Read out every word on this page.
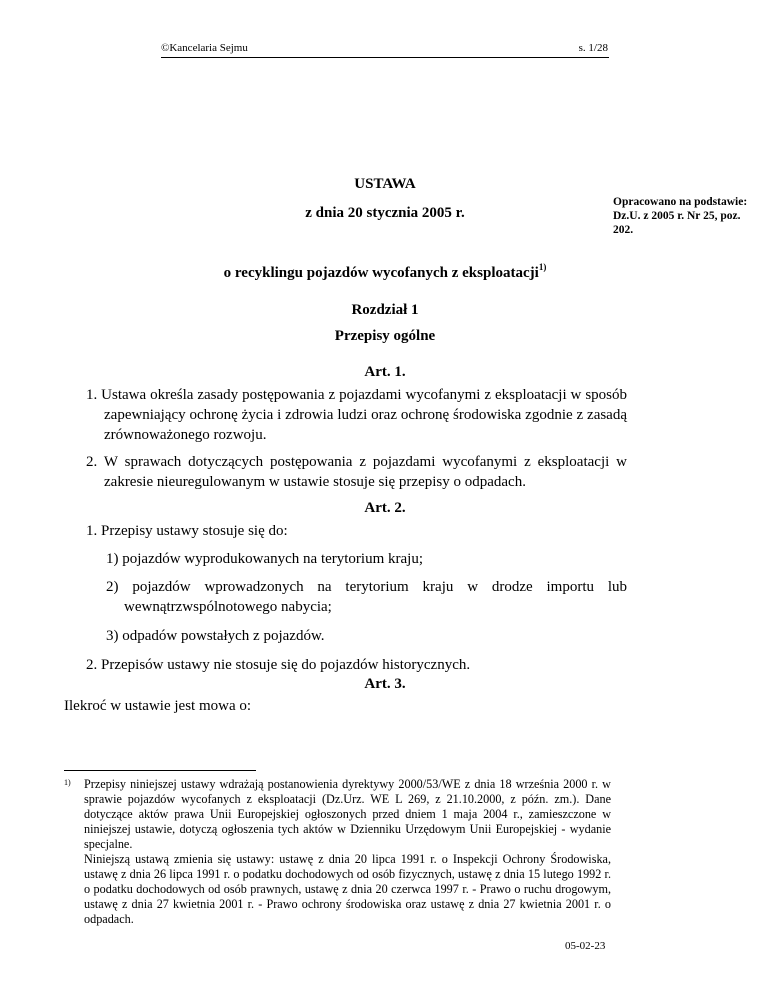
©Kancelaria Sejmu	s. 1/28
USTAWA
z dnia 20 stycznia 2005 r.
o recyklingu pojazdów wycofanych z eksploatacji$^{1)}$
Opracowano na podstawie: Dz.U. z 2005 r. Nr 25, poz. 202.
Rozdział 1
Przepisy ogólne
Art. 1.
1. Ustawa określa zasady postępowania z pojazdami wycofanymi z eksploatacji w sposób zapewniający ochronę życia i zdrowia ludzi oraz ochronę środowiska zgodnie z zasadą zrównoważonego rozwoju.
2. W sprawach dotyczących postępowania z pojazdami wycofanymi z eksploatacji w zakresie nieuregulowanym w ustawie stosuje się przepisy o odpadach.
Art. 2.
1. Przepisy ustawy stosuje się do:
1) pojazdów wyprodukowanych na terytorium kraju;
2) pojazdów wprowadzonych na terytorium kraju w drodze importu lub wewnątrzwspólnotowego nabycia;
3) odpadów powstałych z pojazdów.
2. Przepisów ustawy nie stosuje się do pojazdów historycznych.
Art. 3.
Ilekroć w ustawie jest mowa o:
1) Przepisy niniejszej ustawy wdrażają postanowienia dyrektywy 2000/53/WE z dnia 18 września 2000 r. w sprawie pojazdów wycofanych z eksploatacji (Dz.Urz. WE L 269, z 21.10.2000, z późn. zm.). Dane dotyczące aktów prawa Unii Europejskiej ogłoszonych przed dniem 1 maja 2004 r., zamieszczone w niniejszej ustawie, dotyczą ogłoszenia tych aktów w Dzienniku Urzędowym Unii Europejskiej - wydanie specjalne.
Niniejszą ustawą zmienia się ustawy: ustawę z dnia 20 lipca 1991 r. o Inspekcji Ochrony Środowiska, ustawę z dnia 26 lipca 1991 r. o podatku dochodowych od osób fizycznych, ustawę z dnia 15 lutego 1992 r. o podatku dochodowych od osób prawnych, ustawę z dnia 20 czerwca 1997 r. - Prawo o ruchu drogowym, ustawę z dnia 27 kwietnia 2001 r. - Prawo ochrony środowiska oraz ustawę z dnia 27 kwietnia 2001 r. o odpadach.
05-02-23
